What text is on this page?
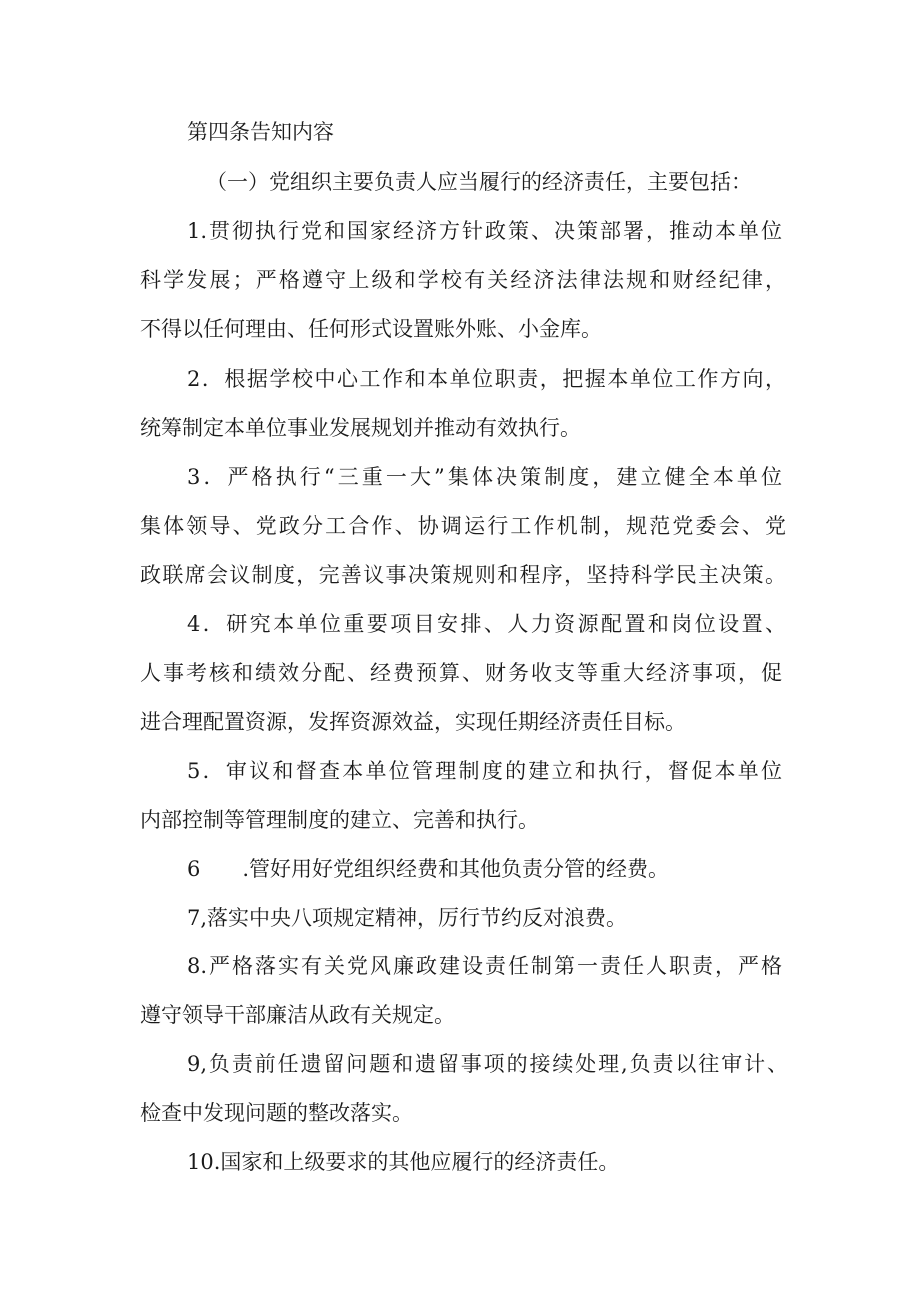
第四条告知内容
（一）党组织主要负责人应当履行的经济责任，主要包括：
1.贯彻执行党和国家经济方针政策、决策部署，推动本单位
科学发展；严格遵守上级和学校有关经济法律法规和财经纪律，
不得以任何理由、任何形式设置账外账、小金库。
2．根据学校中心工作和本单位职责，把握本单位工作方向，
统筹制定本单位事业发展规划并推动有效执行。
3．严格执行“三重一大”集体决策制度，建立健全本单位
集体领导、党政分工合作、协调运行工作机制，规范党委会、党
政联席会议制度，完善议事决策规则和程序，坚持科学民主决策。
4．研究本单位重要项目安排、人力资源配置和岗位设置、
人事考核和绩效分配、经费预算、财务收支等重大经济事项，促
进合理配置资源，发挥资源效益，实现任期经济责任目标。
5．审议和督查本单位管理制度的建立和执行，督促本单位
内部控制等管理制度的建立、完善和执行。
6　　.管好用好党组织经费和其他负责分管的经费。
7,落实中央八项规定精神，厉行节约反对浪费。
8.严格落实有关党风廉政建设责任制第一责任人职责，严格
遵守领导干部廉洁从政有关规定。
9,负责前任遗留问题和遗留事项的接续处理,负责以往审计、
检查中发现问题的整改落实。
10.国家和上级要求的其他应履行的经济责任。
